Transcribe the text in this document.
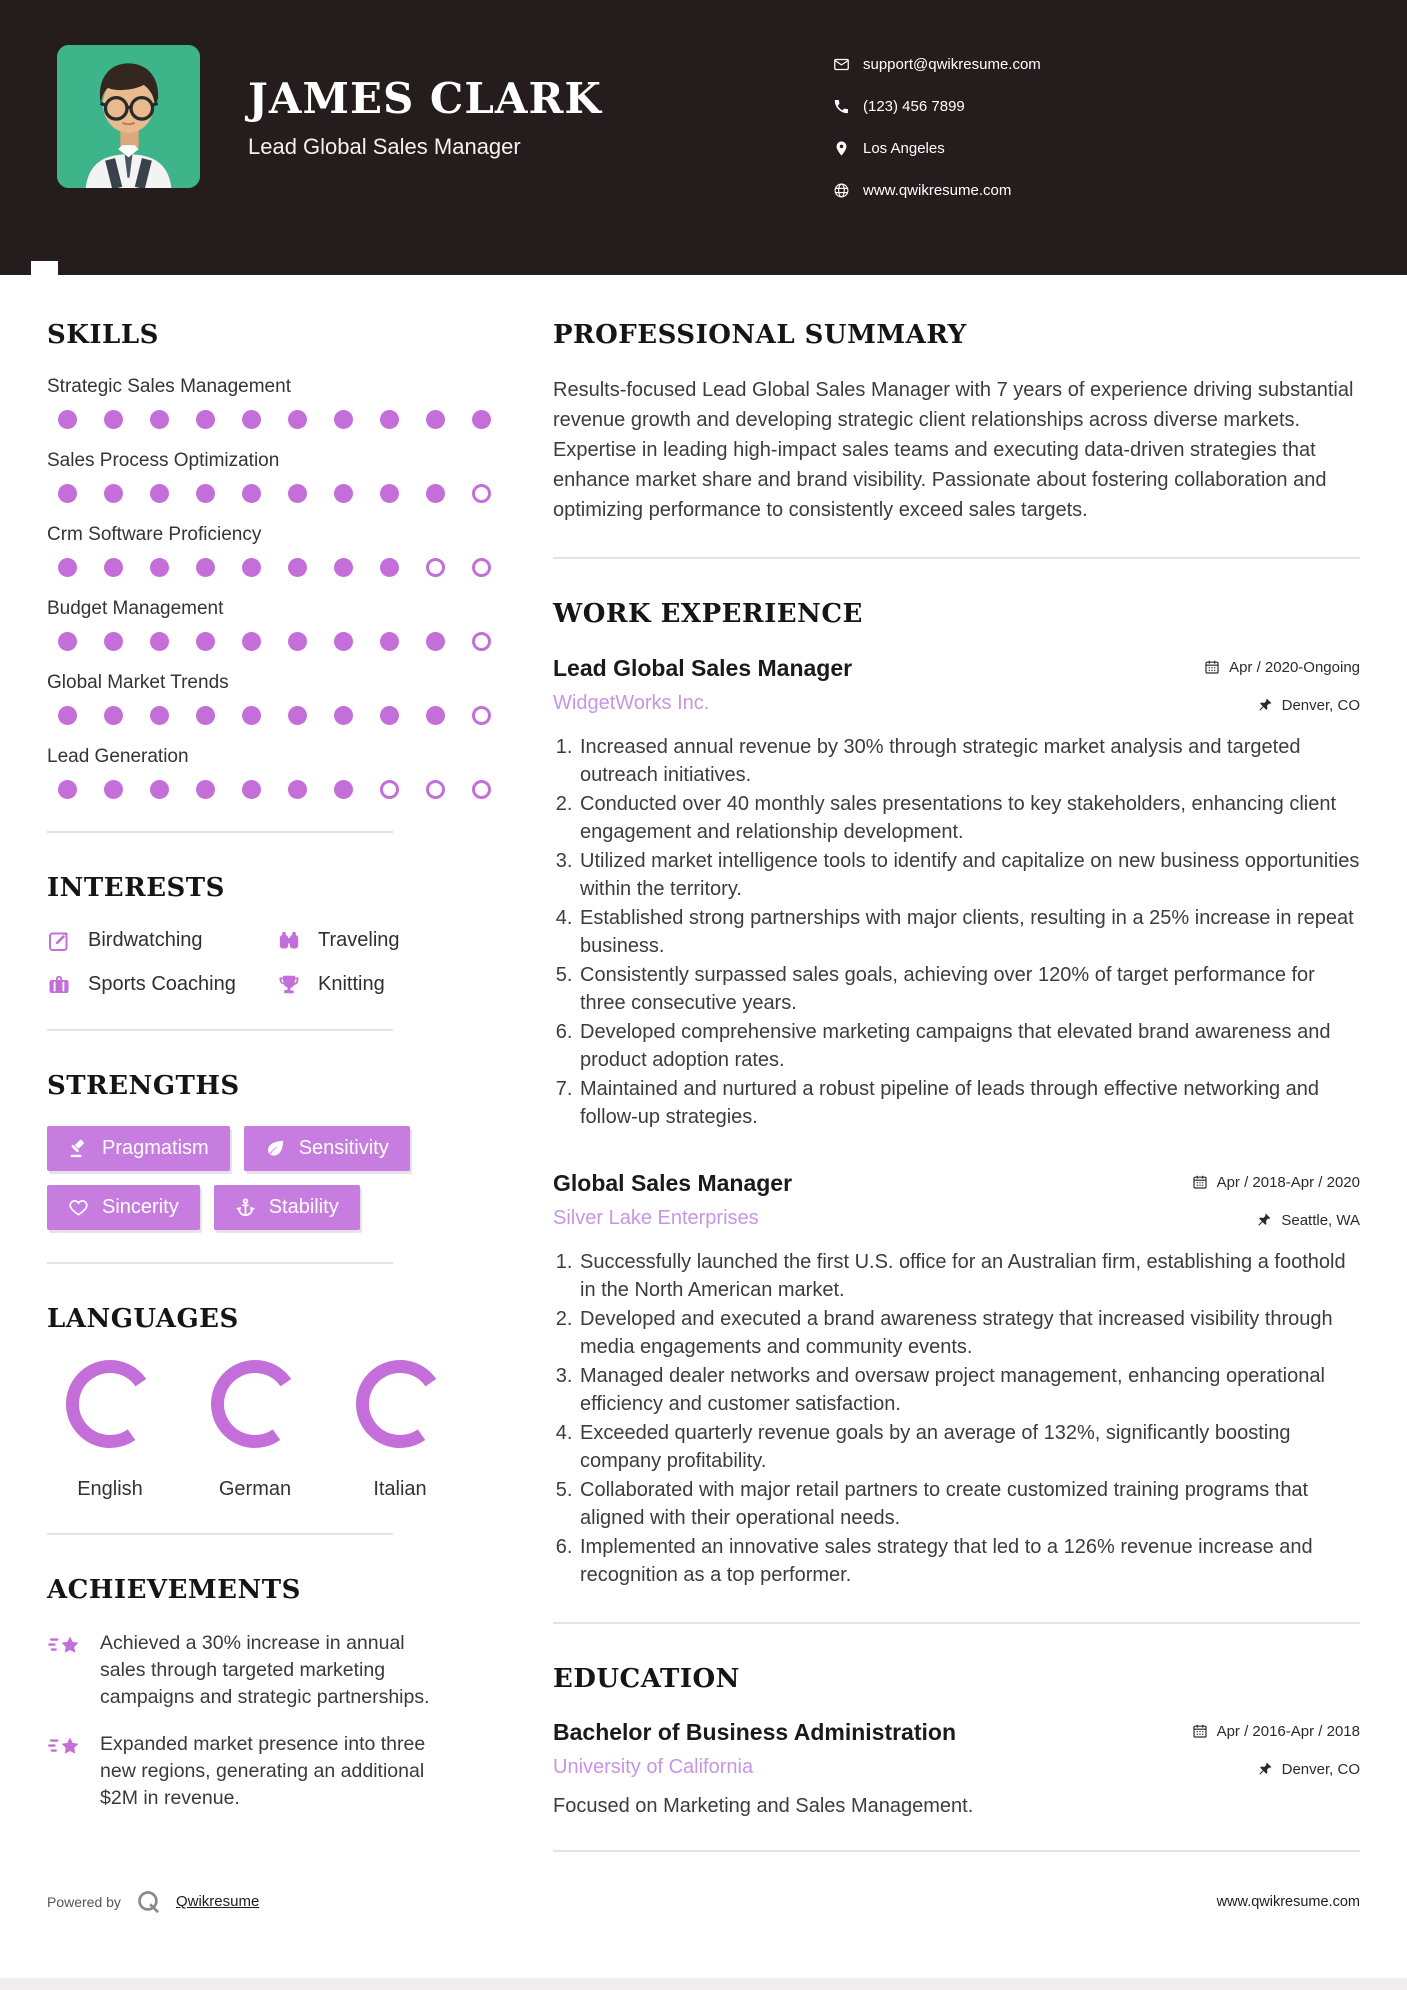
JAMES CLARK
Lead Global Sales Manager
support@qwikresume.com
(123) 456 7899
Los Angeles
www.qwikresume.com
SKILLS
Strategic Sales Management
Sales Process Optimization
Crm Software Proficiency
Budget Management
Global Market Trends
Lead Generation
INTERESTS
Birdwatching	Traveling
Sports Coaching	Knitting
STRENGTHS
Pragmatism	Sensitivity
Sincerity	Stability
LANGUAGES
English	German	Italian
ACHIEVEMENTS
Achieved a 30% increase in annual sales through targeted marketing campaigns and strategic partnerships.
Expanded market presence into three new regions, generating an additional $2M in revenue.
PROFESSIONAL SUMMARY

Results-focused Lead Global Sales Manager with 7 years of experience driving substantial revenue growth and developing strategic client relationships across diverse markets. Expertise in leading high-impact sales teams and executing data-driven strategies that enhance market share and brand visibility. Passionate about fostering collaboration and optimizing performance to consistently exceed sales targets.

WORK EXPERIENCE
Lead Global Sales Manager	Apr / 2020-Ongoing
WidgetWorks Inc.	Denver, CO
1. Increased annual revenue by 30% through strategic market analysis and targeted outreach initiatives.
2. Conducted over 40 monthly sales presentations to key stakeholders, enhancing client engagement and relationship development.
3. Utilized market intelligence tools to identify and capitalize on new business opportunities within the territory.
4. Established strong partnerships with major clients, resulting in a 25% increase in repeat business.
5. Consistently surpassed sales goals, achieving over 120% of target performance for three consecutive years.
6. Developed comprehensive marketing campaigns that elevated brand awareness and product adoption rates.
7. Maintained and nurtured a robust pipeline of leads through effective networking and follow-up strategies.
Global Sales Manager	Apr / 2018-Apr / 2020
Silver Lake Enterprises	Seattle, WA
1. Successfully launched the first U.S. office for an Australian firm, establishing a foothold in the North American market.
2. Developed and executed a brand awareness strategy that increased visibility through media engagements and community events.
3. Managed dealer networks and oversaw project management, enhancing operational efficiency and customer satisfaction.
4. Exceeded quarterly revenue goals by an average of 132%, significantly boosting company profitability.
5. Collaborated with major retail partners to create customized training programs that aligned with their operational needs.
6. Implemented an innovative sales strategy that led to a 126% revenue increase and recognition as a top performer.
EDUCATION
Bachelor of Business Administration	Apr / 2016-Apr / 2018
University of California	Denver, CO
Focused on Marketing and Sales Management.
Powered by	Qwikresume	www.qwikresume.com
